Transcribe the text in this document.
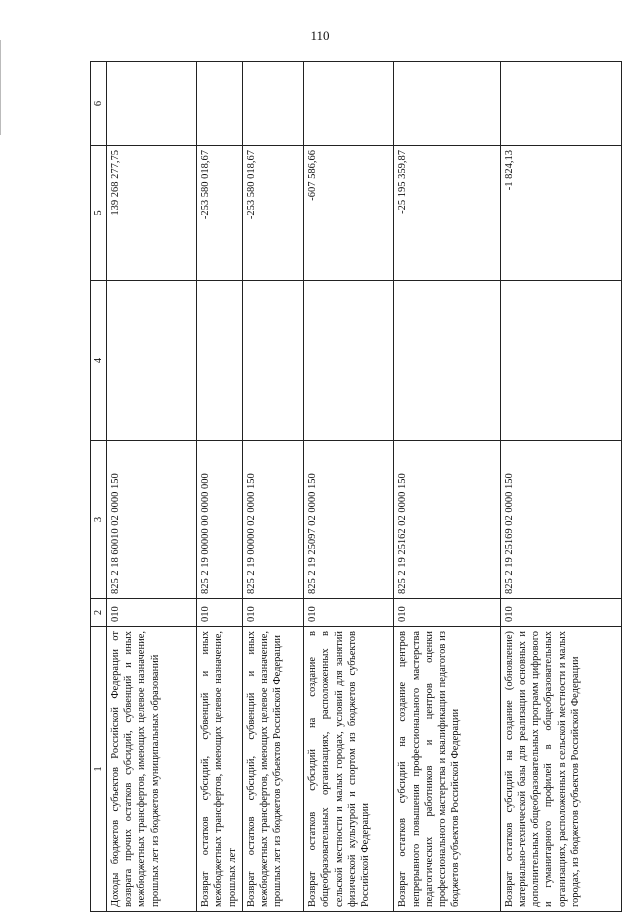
110
1	2	3	4	5	6
Доходы бюджетов субъектов Российской Федерации от возврата прочих остатков субсидий, субвенций и иных межбюджетных трансфертов, имеющих целевое назначение, прошлых лет из бюджетов муниципальных образований	010	825 2 18 60010 02 0000 150		139 268 277,75	
Возврат остатков субсидий, субвенций и иных межбюджетных трансфертов, имеющих целевое назначение, прошлых лет	010	825 2 19 00000 00 0000 000		-253 580 018,67	
Возврат остатков субсидий, субвенций и иных межбюджетных трансфертов, имеющих целевое назначение, прошлых лет из бюджетов субъектов Российской Федерации	010	825 2 19 00000 02 0000 150		-253 580 018,67	
Возврат остатков субсидий на создание в общеобразовательных организациях, расположенных в сельской местности и малых городах, условий для занятий физической культурой и спортом из бюджетов субъектов Российской Федерации	010	825 2 19 25097 02 0000 150		-607 586,66	
Возврат остатков субсидий на создание центров непрерывного повышения профессионального мастерства педагогических работников и центров оценки профессионального мастерства и квалификации педагогов из бюджетов субъектов Российской Федерации	010	825 2 19 25162 02 0000 150		-25 195 359,87	
Возврат остатков субсидий на создание (обновление) материально-технической базы для реализации основных и дополнительных общеобразовательных программ цифрового и гуманитарного профилей в общеобразовательных организациях, расположенных в сельской местности и малых городах, из бюджетов субъектов Российской Федерации	010	825 2 19 25169 02 0000 150		-1 824,13	
